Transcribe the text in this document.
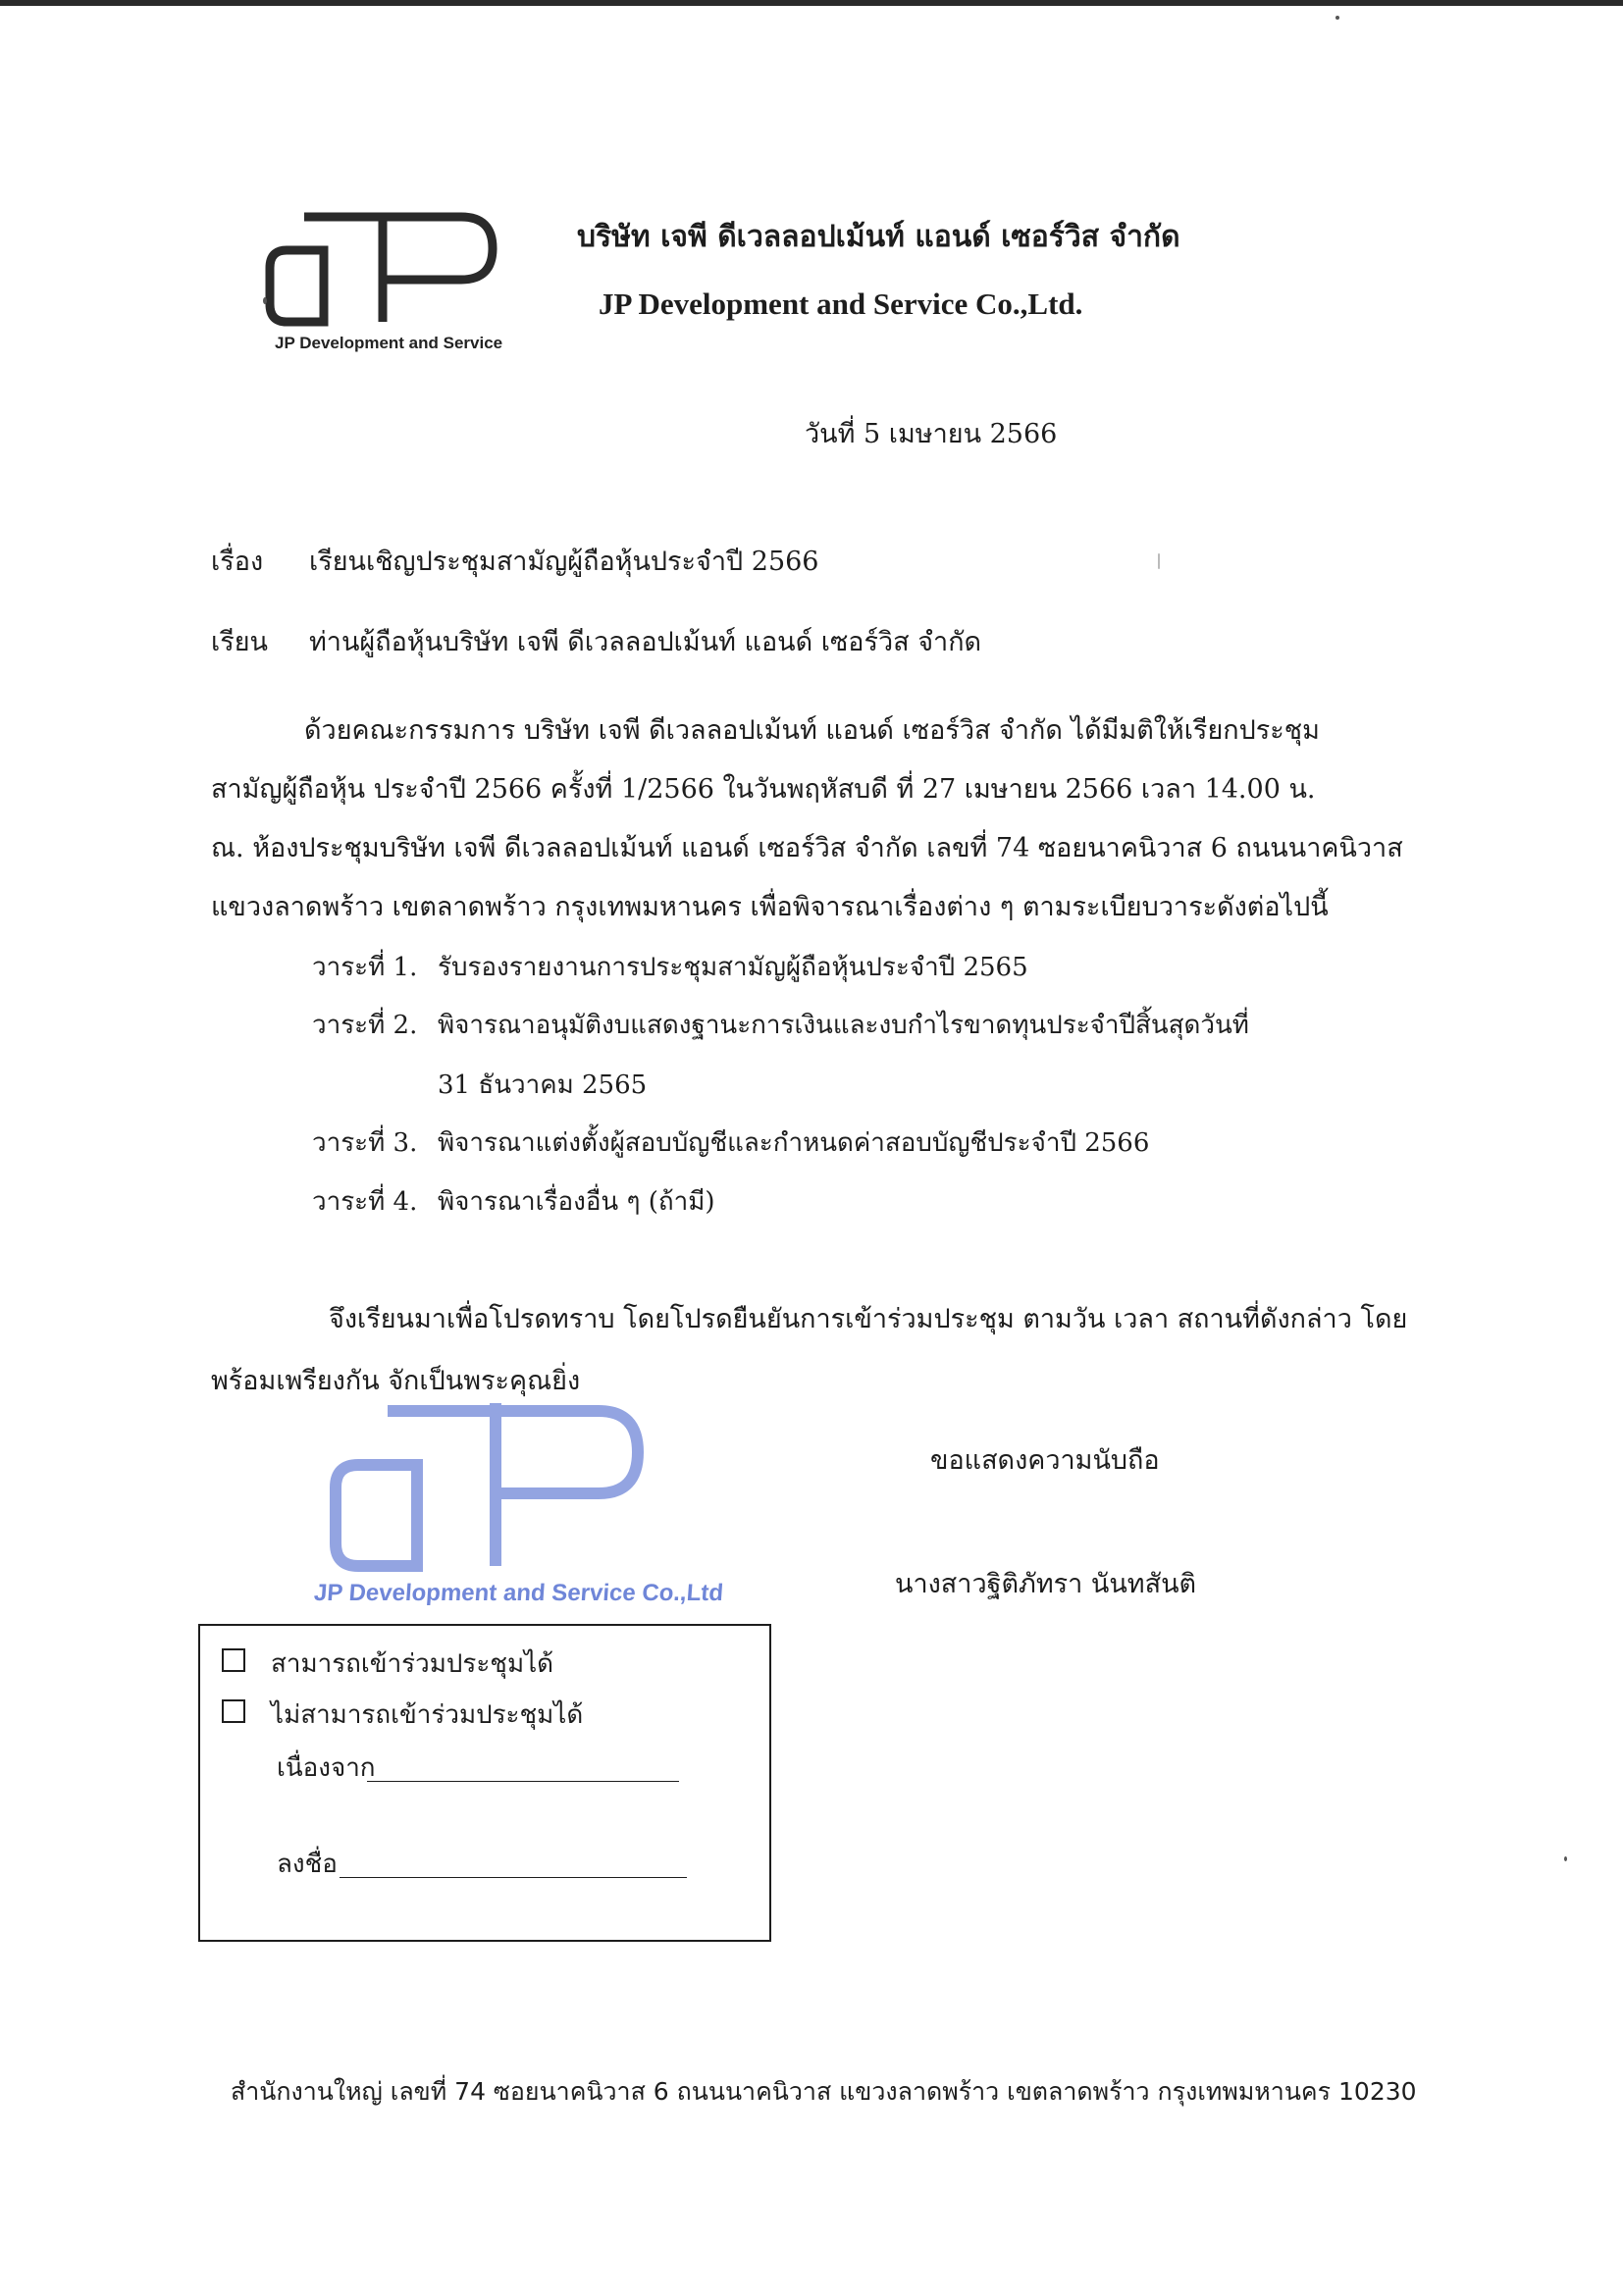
JP Development and Service
บริษัท เจพี ดีเวลลอปเม้นท์ แอนด์ เซอร์วิส จำกัด
JP Development and Service Co.,Ltd.
วันที่ 5 เมษายน 2566
เรื่อง เรียนเชิญประชุมสามัญผู้ถือหุ้นประจำปี 2566
เรียน ท่านผู้ถือหุ้นบริษัท เจพี ดีเวลลอปเม้นท์ แอนด์ เซอร์วิส จำกัด
ด้วยคณะกรรมการ บริษัท เจพี ดีเวลลอปเม้นท์ แอนด์ เซอร์วิส จำกัด ได้มีมติให้เรียกประชุม
สามัญผู้ถือหุ้น ประจำปี 2566 ครั้งที่ 1/2566 ในวันพฤหัสบดี ที่ 27 เมษายน 2566 เวลา 14.00 น.
ณ. ห้องประชุมบริษัท เจพี ดีเวลลอปเม้นท์ แอนด์ เซอร์วิส จำกัด เลขที่ 74 ซอยนาคนิวาส 6 ถนนนาคนิวาส
แขวงลาดพร้าว เขตลาดพร้าว กรุงเทพมหานคร เพื่อพิจารณาเรื่องต่าง ๆ ตามระเบียบวาระดังต่อไปนี้
วาระที่ 1. รับรองรายงานการประชุมสามัญผู้ถือหุ้นประจำปี 2565
วาระที่ 2. พิจารณาอนุมัติงบแสดงฐานะการเงินและงบกำไรขาดทุนประจำปีสิ้นสุดวันที่
31 ธันวาคม 2565
วาระที่ 3. พิจารณาแต่งตั้งผู้สอบบัญชีและกำหนดค่าสอบบัญชีประจำปี 2566
วาระที่ 4. พิจารณาเรื่องอื่น ๆ (ถ้ามี)
จึงเรียนมาเพื่อโปรดทราบ โดยโปรดยืนยันการเข้าร่วมประชุม ตามวัน เวลา สถานที่ดังกล่าว โดย
พร้อมเพรียงกัน จักเป็นพระคุณยิ่ง
ขอแสดงความนับถือ
นางสาวฐิติภัทรา นันทสันติ
JP Development and Service Co.,Ltd
สามารถเข้าร่วมประชุมได้
ไม่สามารถเข้าร่วมประชุมได้
เนื่องจาก
ลงชื่อ
สำนักงานใหญ่ เลขที่ 74 ซอยนาคนิวาส 6 ถนนนาคนิวาส แขวงลาดพร้าว เขตลาดพร้าว กรุงเทพมหานคร 10230
